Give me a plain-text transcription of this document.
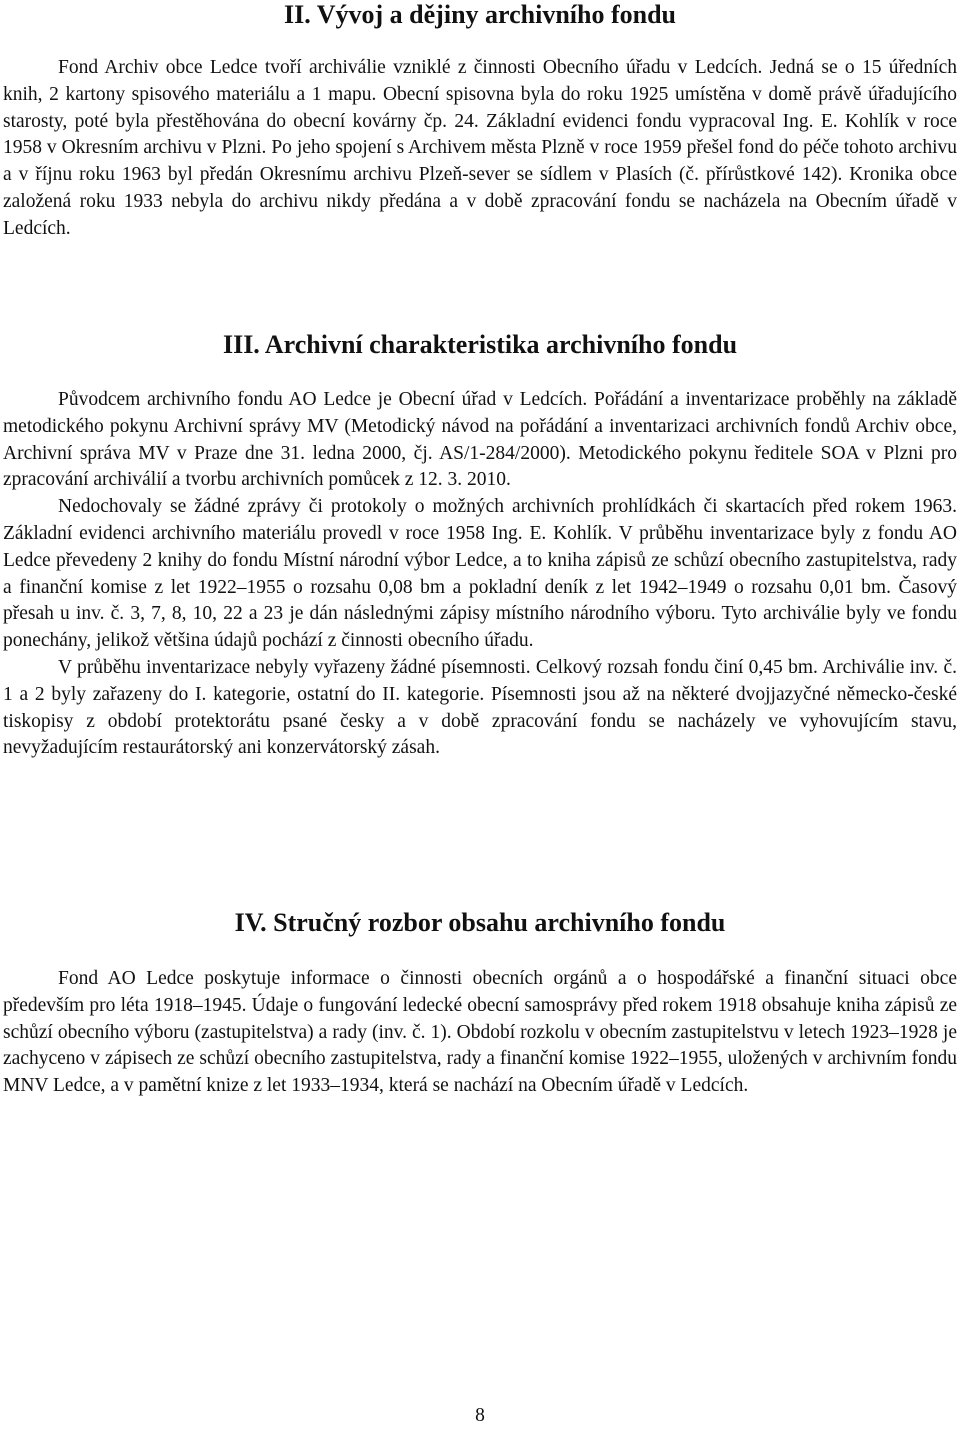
II. Vývoj a dějiny archivního fondu

Fond Archiv obce Ledce tvoří archiválie vzniklé z činnosti Obecního úřadu v Ledcích. Jedná se o 15 úředních knih, 2 kartony spisového materiálu a 1 mapu. Obecní spisovna byla do roku 1925 umístěna v domě právě úřadujícího starosty, poté byla přestěhována do obecní kovárny čp. 24. Základní evidenci fondu vypracoval Ing. E. Kohlík v roce 1958 v Okresním archivu v Plzni. Po jeho spojení s Archivem města Plzně v roce 1959 přešel fond do péče tohoto archivu a v říjnu roku 1963 byl předán Okresnímu archivu Plzeň-sever se sídlem v Plasích (č. přírůstkové 142). Kronika obce založená roku 1933 nebyla do archivu nikdy předána a v době zpracování fondu se nacházela na Obecním úřadě v Ledcích.

III. Archivní charakteristika archivního fondu

Původcem archivního fondu AO Ledce je Obecní úřad v Ledcích. Pořádání a inventarizace proběhly na základě metodického pokynu Archivní správy MV (Metodický návod na pořádání a inventarizaci archivních fondů Archiv obce, Archivní správa MV v Praze dne 31. ledna 2000, čj. AS/1-284/2000). Metodického pokynu ředitele SOA v Plzni pro zpracování archiválií a tvorbu archivních pomůcek z 12. 3. 2010.

Nedochovaly se žádné zprávy či protokoly o možných archivních prohlídkách či skartacích před rokem 1963. Základní evidenci archivního materiálu provedl v roce 1958 Ing. E. Kohlík. V průběhu inventarizace byly z fondu AO Ledce převedeny 2 knihy do fondu Místní národní výbor Ledce, a to kniha zápisů ze schůzí obecního zastupitelstva, rady a finanční komise z let 1922–1955 o rozsahu 0,08 bm a pokladní deník z let 1942–1949 o rozsahu 0,01 bm. Časový přesah u inv. č. 3, 7, 8, 10, 22 a 23 je dán následnými zápisy místního národního výboru. Tyto archiválie byly ve fondu ponechány, jelikož většina údajů pochází z činnosti obecního úřadu.

V průběhu inventarizace nebyly vyřazeny žádné písemnosti. Celkový rozsah fondu činí 0,45 bm. Archiválie inv. č. 1 a 2 byly zařazeny do I. kategorie, ostatní do II. kategorie. Písemnosti jsou až na některé dvojjazyčné německo-české tiskopisy z období protektorátu psané česky a v době zpracování fondu se nacházely ve vyhovujícím stavu, nevyžadujícím restaurátorský ani konzervátorský zásah.

IV. Stručný rozbor obsahu archivního fondu

Fond AO Ledce poskytuje informace o činnosti obecních orgánů a o hospodářské a finanční situaci obce především pro léta 1918–1945. Údaje o fungování ledecké obecní samosprávy před rokem 1918 obsahuje kniha zápisů ze schůzí obecního výboru (zastupitelstva) a rady (inv. č. 1). Období rozkolu v obecním zastupitelstvu v letech 1923–1928 je zachyceno v zápisech ze schůzí obecního zastupitelstva, rady a finanční komise 1922–1955, uložených v archivním fondu MNV Ledce, a v pamětní knize z let 1933–1934, která se nachází na Obecním úřadě v Ledcích.

8
